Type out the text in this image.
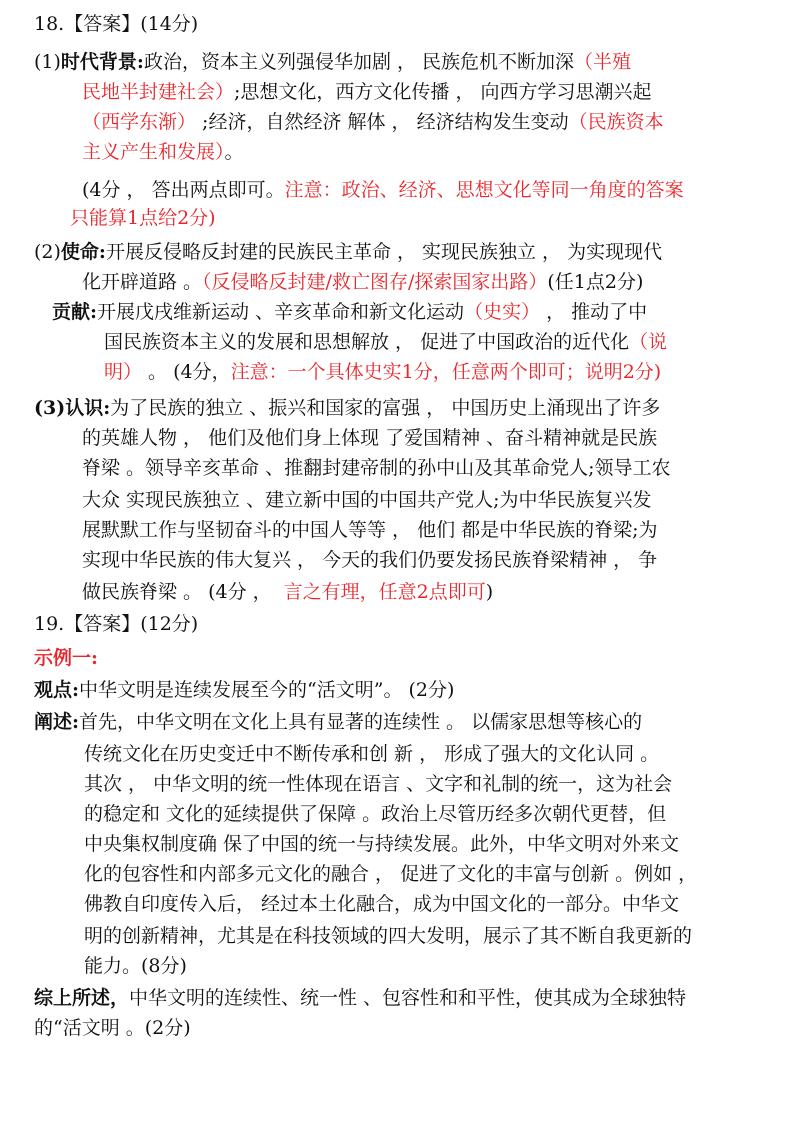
18.【答案】(14分)
(1)时代背景:政治，资本主义列强侵华加剧 ， 民族危机不断加深（半殖
民地半封建社会）;思想文化，西方文化传播 ， 向西方学习思潮兴起
（西学东渐） ;经济，自然经济 解体 ， 经济结构发生变动（民族资本
主义产生和发展）。
(4分 ， 答出两点即可。注意：政治、经济、思想文化等同一角度的答案
只能算1点给2分)
(2)使命:开展反侵略反封建的民族民主革命 ， 实现民族独立 ， 为实现现代
化开辟道路 。（反侵略反封建/救亡图存/探索国家出路）(任1点2分)
贡献:开展戊戌维新运动 、辛亥革命和新文化运动（史实） ， 推动了中
国民族资本主义的发展和思想解放 ， 促进了中国政治的近代化（说
明） 。 (4分，注意：一个具体史实1分，任意两个即可；说明2分)
(3)认识:为了民族的独立 、振兴和国家的富强 ， 中国历史上涌现出了许多
的英雄人物 ， 他们及他们身上体现 了爱国精神 、奋斗精神就是民族
脊梁 。领导辛亥革命 、推翻封建帝制的孙中山及其革命党人;领导工农
大众 实现民族独立 、建立新中国的中国共产党人;为中华民族复兴发
展默默工作与坚韧奋斗的中国人等等 ， 他们 都是中华民族的脊梁;为
实现中华民族的伟大复兴 ， 今天的我们仍要发扬民族脊梁精神 ， 争
做民族脊梁 。 (4分 ， 言之有理，任意2点即可)
19.【答案】(12分)
示例一:
观点:中华文明是连续发展至今的“活文明”。 (2分)
阐述:首先，中华文明在文化上具有显著的连续性 。 以儒家思想等核心的
传统文化在历史变迁中不断传承和创 新 ， 形成了强大的文化认同 。
其次 ， 中华文明的统一性体现在语言 、文字和礼制的统一，这为社会
的稳定和 文化的延续提供了保障 。政治上尽管历经多次朝代更替，但
中央集权制度确 保了中国的统一与持续发展。此外，中华文明对外来文
化的包容性和内部多元文化的融合 ， 促进了文化的丰富与创新 。例如 ，
佛教自印度传入后， 经过本土化融合，成为中国文化的一部分。中华文
明的创新精神，尤其是在科技领域的四大发明，展示了其不断自我更新的
能力。(8分)
综上所述，中华文明的连续性、统一性 、包容性和和平性，使其成为全球独特
的“活文明 。(2分)
